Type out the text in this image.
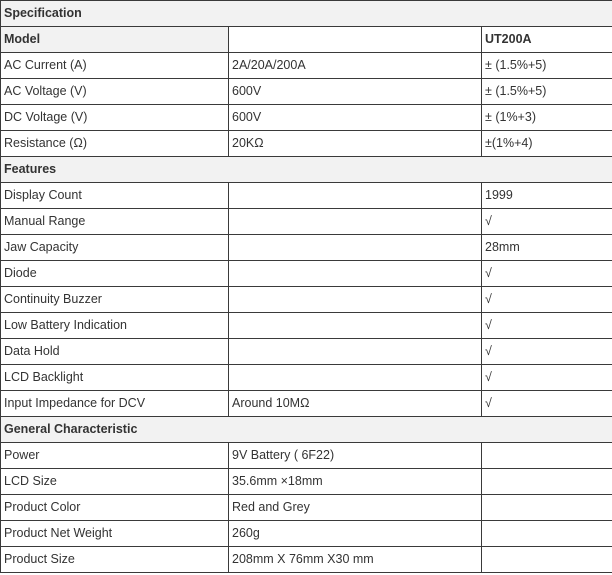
Specification		
Model		UT200A
AC Current (A)	2A/20A/200A	± (1.5%+5)
AC Voltage (V)	600V	± (1.5%+5)
DC Voltage (V)	600V	± (1%+3)
Resistance (Ω)	20KΩ	±(1%+4)
Features		
Display Count		1999
Manual Range		√
Jaw Capacity		28mm
Diode		√
Continuity Buzzer		√
Low Battery Indication		√
Data Hold		√
LCD Backlight		√
Input Impedance for DCV	Around 10MΩ	√
General Characteristic		
Power	9V Battery ( 6F22)	
LCD Size	35.6mm ×18mm	
Product Color	Red and Grey	
Product Net Weight	260g	
Product Size	208mm X 76mm X30 mm	
